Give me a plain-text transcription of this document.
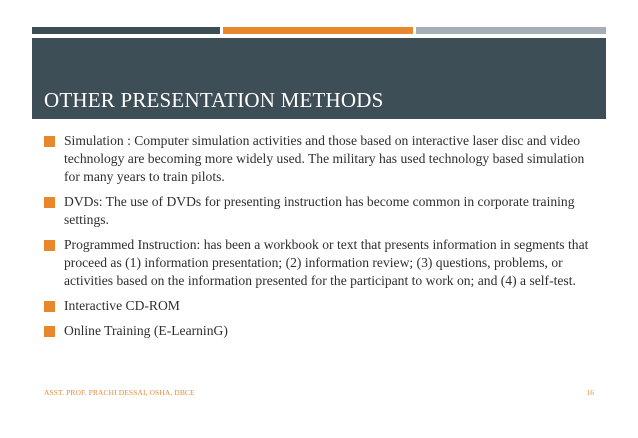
OTHER PRESENTATION METHODS
Simulation : Computer simulation activities and those based on interactive laser disc and video technology are becoming more widely used. The military has used technology based simulation for many years to train pilots.
DVDs: The use of DVDs for presenting instruction has become common in corporate training settings.
Programmed Instruction: has been a workbook or text that presents information in segments that proceed as (1) information presentation; (2) information review; (3) questions, problems, or activities based on the information presented for the participant to work on; and (4) a self-test.
Interactive CD-ROM
Online Training (E-LearninG)
ASST. PROF. PRACHI DESSAI, OSHA, DBCE	16
